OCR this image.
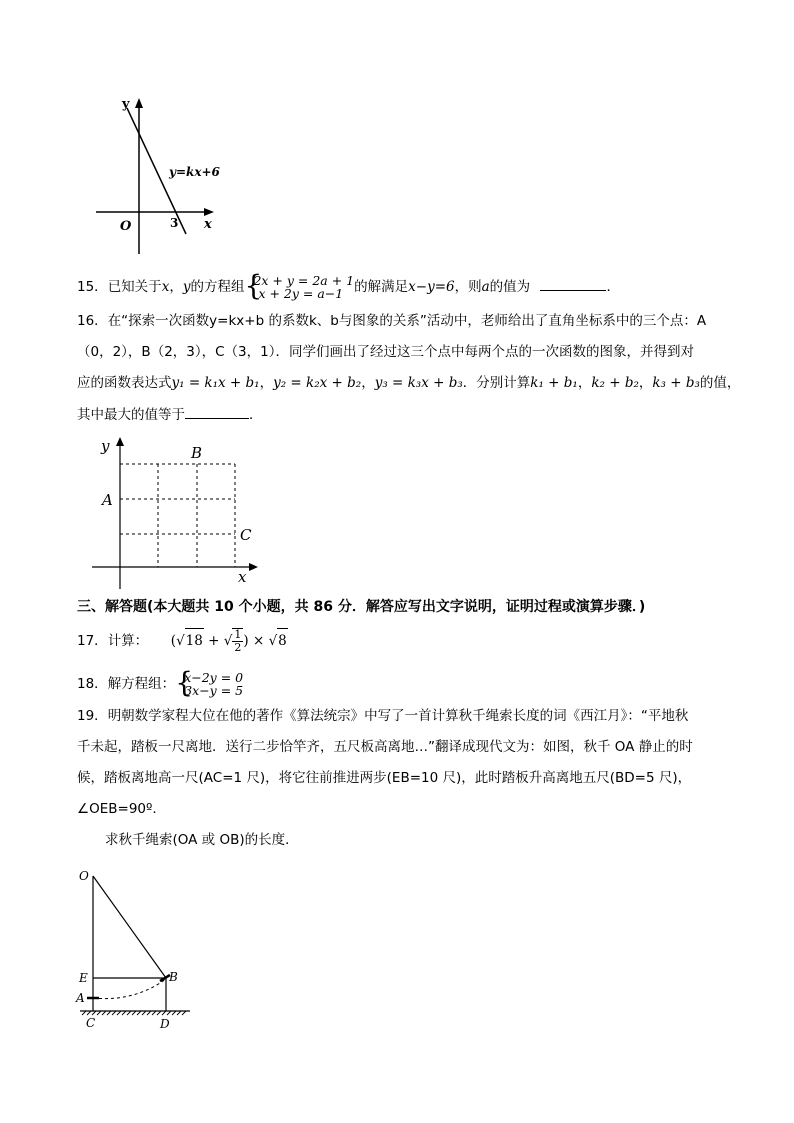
y
x
O	3
y=kx+6
15．已知关于x，y的方程组 {
2x + y = 2a + 1
x + 2y = a−1 的解满足x−y=6，则a的值为	．
16．在“探索一次函数y=kx+b 的系数k、b与图象的关系”活动中，老师给出了直角坐标系中的三个点：A
（0，2），B（2，3），C（3，1）．同学们画出了经过这三个点中每两个点的一次函数的图象，并得到对
应的函数表达式y₁ = k₁x + b₁，y₂ = k₂x + b₂，y₃ = k₃x + b₃．分别计算k₁ + b₁，k₂ + b₂，k₃ + b₃的值，
其中最大的值等于	．
y
x
A
B
C
三、解答题(本大题共 10 个小题，共 86 分．解答应写出文字说明，证明过程或演算步骤．)
17．计算： (√18 + √ $\frac{1}{2}$ ) × √8
18．解方程组： {
x−2y = 0
3x−y = 5
19．明朝数学家程大位在他的著作《算法统宗》中写了一首计算秋千绳索长度的词《西江月》：“平地秋
千未起，踏板一尺离地．送行二步恰竿齐，五尺板高离地…”翻译成现代文为：如图，秋千 OA 静止的时
候，踏板离地高一尺(AC=1 尺)，将它往前推进两步(EB=10 尺)，此时踏板升高离地五尺(BD=5 尺)，
∠OEB=90º.
求秋千绳索(OA 或 OB)的长度．
O
E	B
A
C	D
